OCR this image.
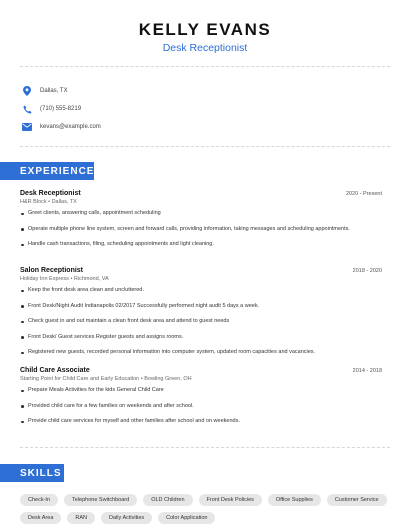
KELLY EVANS
Desk Receptionist
Dallas, TX
(710) 555-8219
kevans@example.com
EXPERIENCE
Desk Receptionist	2020 - Present
H&R Block • Dallas, TX
Greet clients, answering calls, appointment scheduling
Operate multiple phone line system, screen and forward calls, providing information, taking messages and scheduling appointments.
Handle cash transactions, filing, scheduling appointments and light cleaning.
Salon Receptionist	2018 - 2020
Holiday Inn Express • Richmond, VA
Keep the front desk area clean and uncluttered.
Front Desk/Night Audit Indianapolis 02/2017 Successfully performed night audit 5 days a week.
Check guest in and out maintain a clean front desk area and attend to guest needs
Front Desk/ Guest services Register guests and assigns rooms.
Registered new guests, recorded personal information into computer system, updated room capacities and vacancies.
Child Care Associate	2014 - 2018
Starting Point for Child Care and Early Education • Bowling Green, OH
Prepare Meals Activities for the kids General Child Care
Provided child care for a few families on weekends and after school.
Provide child care services for myself and other families after school and on weekends.
SKILLS
Check-In	Telephone Switchboard	OLD Children	Front Desk Policies	Office Supplies	Customer Service
Desk Area	RAN	Daily Activities	Color Application
